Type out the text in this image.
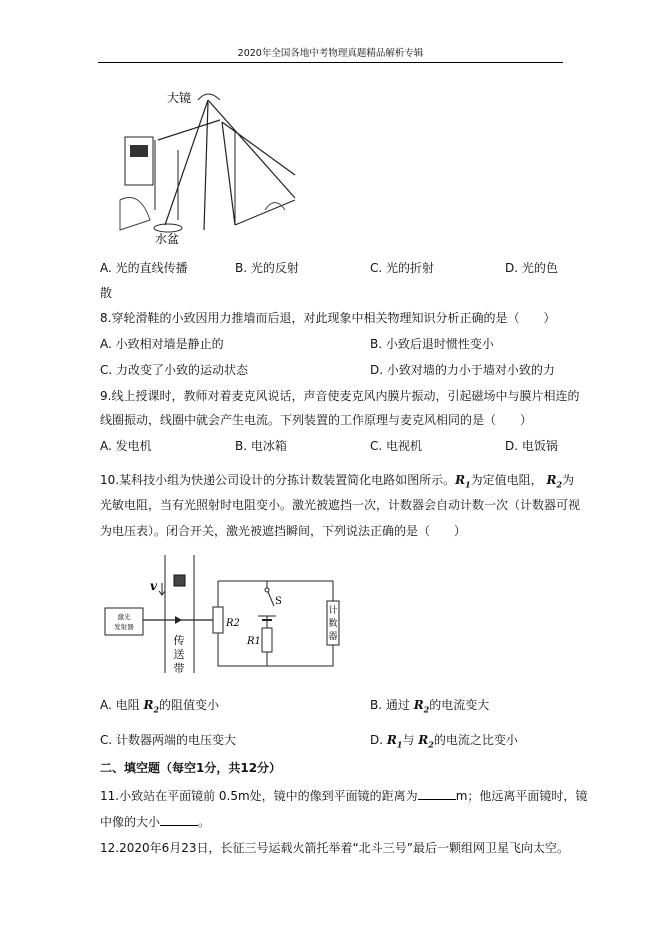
2020年全国各地中考物理真题精品解析专辑
大镜
水盆
A. 光的直线传播	B. 光的反射	C. 光的折射	D. 光的色
散
8.穿轮滑鞋的小致因用力推墙而后退，对此现象中相关物理知识分析正确的是（　　）
A. 小致相对墙是静止的	B. 小致后退时惯性变小
C. 力改变了小致的运动状态	D. 小致对墙的力小于墙对小致的力
9.线上授课时，教师对着麦克风说话，声音使麦克风内膜片振动，引起磁场中与膜片相连的
线圈振动，线圈中就会产生电流。下列装置的工作原理与麦克风相同的是（　　）
A. 发电机	B. 电冰箱	C. 电视机	D. 电饭锅
10.某科技小组为快递公司设计的分拣计数装置简化电路如图所示。$R_1$为定值电阻， $R_2$为
光敏电阻，当有光照射时电阻变小。激光被遮挡一次，计数器会自动计数一次（计数器可视
为电压表）。闭合开关，激光被遮挡瞬间，下列说法正确的是（　　）
v
激光
发射器
传
送
带
R2
S
R1
计
数
器
A. 电阻 $R_2$的阻值变小	B. 通过 $R_2$的电流变大
C. 计数器两端的电压变大	D. $R_1$与 $R_2$的电流之比变小
二、填空题（每空1分，共12分）
11.小致站在平面镜前 0.5m处，镜中的像到平面镜的距离为	m；他远离平面镜时，镜
中像的大小	。
12.2020年6月23日，长征三号运载火箭托举着“北斗三号”最后一颗组网卫星飞向太空。
